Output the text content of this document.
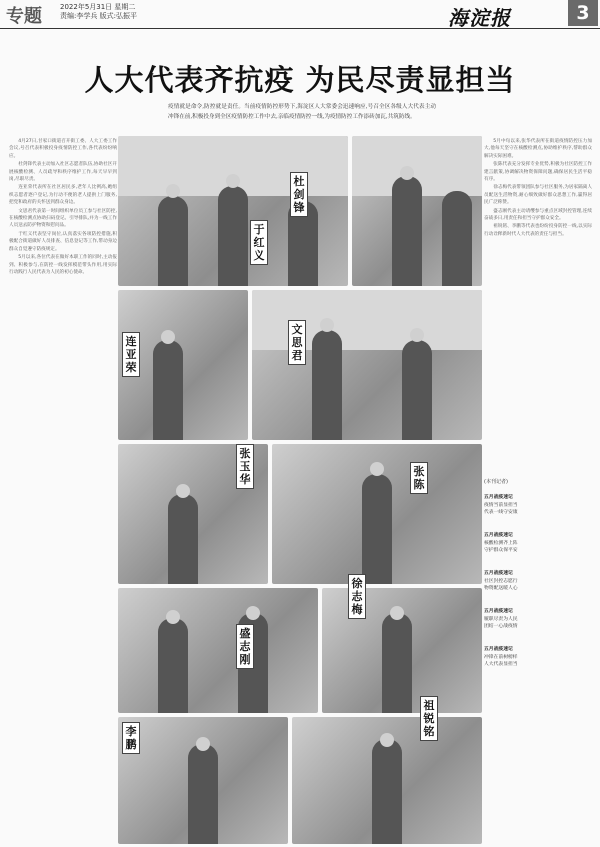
专题	2022年5月31日 星期二
责编:李学兵 版式:弘振平	海淀报	3
人大代表齐抗疫 为民尽责显担当
疫情就是命令,防控就是责任。当前疫情防控形势下,海淀区人大常委会迅速响应,号召全区各级人大代表主动冲锋在前,积极投身到全区疫情防控工作中去,亲临疫情防控一线,为疫情防控工作添砖加瓦,共筑防线。

4月27日,甘家口街道召开街工委、人大工委工作会议,号召代表积极投身疫情防控工作,各代表纷纷响应。

杜剑锋代表主动加入社区志愿者队伍,协助社区开展核酸检测、人员疏导和秩序维护工作,每天早早到岗,尽职尽责。

连亚荣代表所在社区居民多,老年人比例高,她组织志愿者逐户登记,为行动不便的老人提供上门服务,把党和政府的关怀送到群众身边。

文思君代表第一时间组织单位员工参与社区防控,在核酸检测点协助扫码登记、引导排队,并为一线工作人员送去防护物资和慰问品。

于红义代表坚守岗位,认真落实各项防控措施,积极配合街道做好人员排查、信息登记等工作,带动身边群众自觉遵守防疫规定。

5月以来,各位代表在做好本职工作的同时,主动报到、积极参与,在防控一线发挥模范带头作用,用实际行动践行人民代表为人民的初心使命。

杜剑锋
于红义
连亚荣
文思君
张玉华
张 陈
徐志梅
盛志刚
李 鹏
祖锐铭

5月中旬以来,张华代表所在街道疫情防控压力加大,他每天坚守在核酸检测点,协助维护秩序,帮助群众解决实际困难。

张陈代表充分发挥专业优势,积极为社区防控工作建言献策,协调解决物资保障问题,确保居民生活平稳有序。

徐志梅代表带领团队参与社区服务,为居家隔离人员配送生活物资,耐心细致做好群众思想工作,赢得居民广泛称赞。

盛志刚代表主动请缨参与重点区域封控管理,连续奋战多日,用责任和担当守护群众安全。

祖锐铭、李鹏等代表也纷纷投身防控一线,以实际行动诠释新时代人大代表的责任与担当。

(本刊记者)

五月战疫速记

疫情当前显担当

代表一线守安康

五月战疫速记

核酸检测齐上阵

守护群众保平安

五月战疫速记

社区封控志愿行

物资配送暖人心

五月战疫速记

履职尽责为人民

团结一心战疫情

五月战疫速记

冲锋在前树榜样

人大代表显担当
